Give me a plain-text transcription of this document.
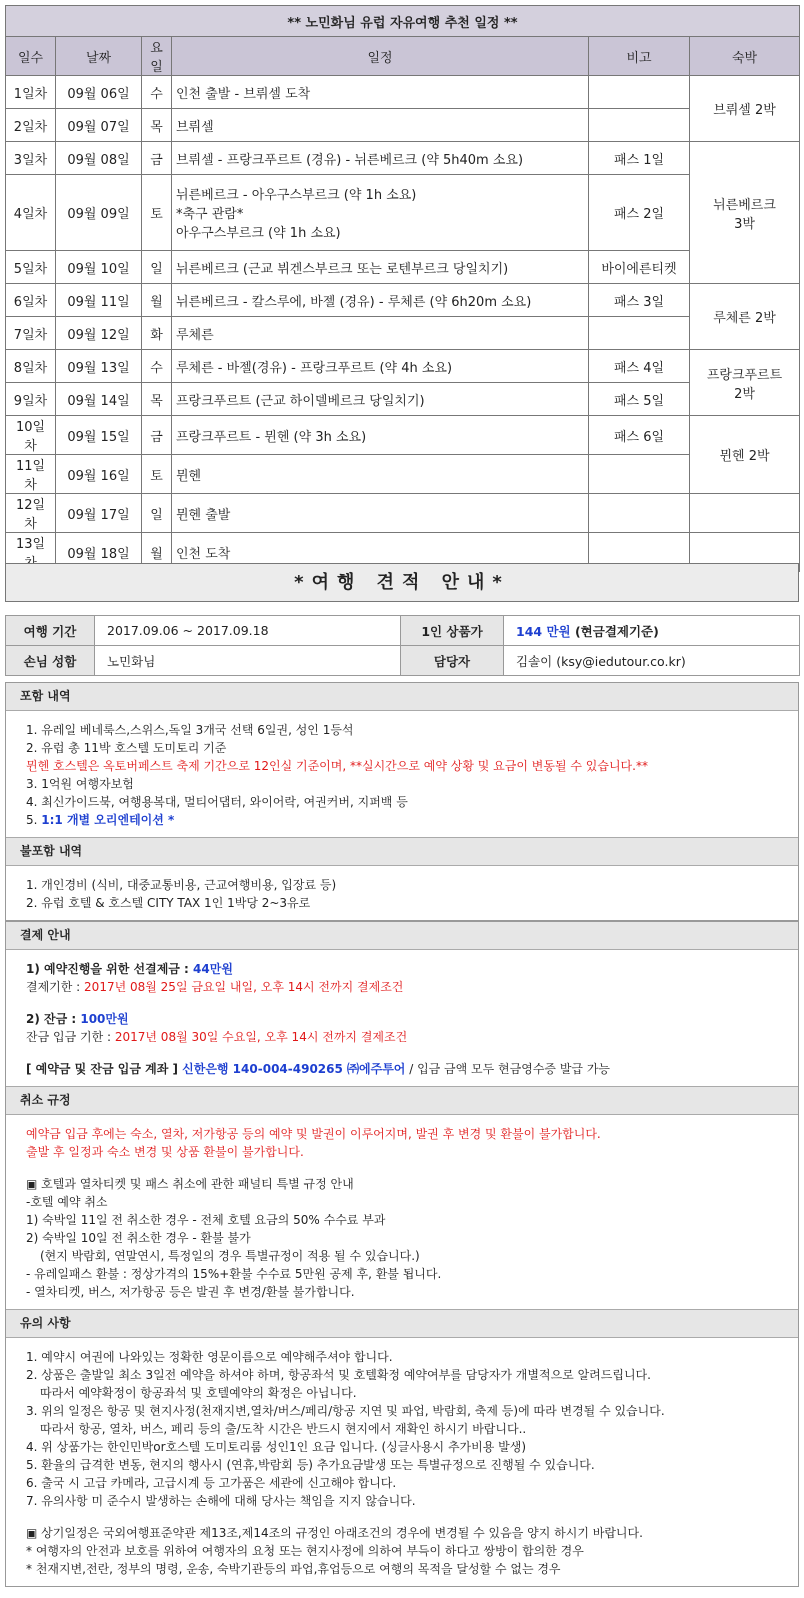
** 노민화님 유럽 자유여행 추천 일정 **					
일수	날짜	요일	일정	비고	숙박
1일차	09월 06일	수	인천 출발 - 브뤼셀 도착		브뤼셀 2박
2일차	09월 07일	목	브뤼셀		
3일차	09월 08일	금	브뤼셀 - 프랑크푸르트 (경유) - 뉘른베르크 (약 5h40m 소요)	패스 1일	뉘른베르크
3박

4일차	09월 09일	토	뉘른베르크 - 아우구스부르크 (약 1h 소요)
*축구 관람*
아우구스부르크 (약 1h 소요)	패스 2일	
5일차	09월 10일	일	뉘른베르크 (근교 뷔겐스부르크 또는 로텐부르크 당일치기)	바이에른티켓	
6일차	09월 11일	월	뉘른베르크 - 칼스루에, 바젤 (경유) - 루체른 (약 6h20m 소요)	패스 3일	루체른 2박
7일차	09월 12일	화	루체른		
8일차	09월 13일	수	루체른 - 바젤(경유) - 프랑크푸르트 (약 4h 소요)	패스 4일	프랑크푸르트
2박

9일차	09월 14일	목	프랑크푸르트 (근교 하이델베르크 당일치기)	패스 5일	
10일차	09월 15일	금	프랑크푸르트 - 뮌헨 (약 3h 소요)	패스 6일	뮌헨 2박
11일차	09월 16일	토	뮌헨		
12일차	09월 17일	일	뮌헨 출발		
13일	09월 18일	월	인천 도착		
*여행 견적 안내*
여행 기간	2017.09.06 ~ 2017.09.18	1인 상품가	144 만원 (현금결제기준)
손님 성함	노민화님	담당자	김솔이 (ksy@iedutour.co.kr)
포함 내역
1. 유레일 베네룩스,스위스,독일 3개국 선택 6일권, 성인 1등석
2. 유럽 총 11박 호스텔 도미토리 기준
뮌헨 호스텔은 옥토버페스트 축제 기간으로 12인실 기준이며, **실시간으로 예약 상황 및 요금이 변동될 수 있습니다.**
3. 1억원 여행자보험
4. 최신가이드북, 여행용복대, 멀티어댑터, 와이어락, 여권커버, 지퍼백 등
5. 1:1 개별 오리엔테이션 *
불포함 내역
1. 개인경비 (식비, 대중교통비용, 근교여행비용, 입장료 등)
2. 유럽 호텔 & 호스텔 CITY TAX 1인 1박당 2~3유로
결제 안내
1) 예약진행을 위한 선결제금 : 44만원
결제기한 : 2017년 08월 25일 금요일 내일, 오후 14시 전까지 결제조건
2) 잔금 : 100만원
잔금 입금 기한 : 2017년 08월 30일 수요일, 오후 14시 전까지 결제조건
[ 예약금 및 잔금 입금 계좌 ] 신한은행 140-004-490265 ㈜에주투어 / 입금 금액 모두 현금영수증 발급 가능
취소 규정
예약금 입금 후에는 숙소, 열차, 저가항공 등의 예약 및 발권이 이루어지며, 발권 후 변경 및 환불이 불가합니다.
출발 후 일정과 숙소 변경 및 상품 환불이 불가합니다.
▣ 호텔과 열차티켓 및 패스 취소에 관한 패널티 특별 규정 안내
-호텔 예약 취소
1) 숙박일 11일 전 취소한 경우 - 전체 호텔 요금의 50% 수수료 부과
2) 숙박일 10일 전 취소한 경우 - 환불 불가
(현지 박람회, 연말연시, 특정일의 경우 특별규정이 적용 될 수 있습니다.)
- 유레일패스 환불 : 정상가격의 15%+환불 수수료 5만원 공제 후, 환불 됩니다.
- 열차티켓, 버스, 저가항공 등은 발권 후 변경/환불 불가합니다.
유의 사항
1. 예약시 여권에 나와있는 정확한 영문이름으로 예약해주셔야 합니다.
2. 상품은 출발일 최소 3일전 예약을 하셔야 하며, 항공좌석 및 호텔확정 예약여부를 담당자가 개별적으로 알려드립니다.
따라서 예약확정이 항공좌석 및 호텔예약의 확정은 아닙니다.
3. 위의 일정은 항공 및 현지사정(천재지변,열차/버스/페리/항공 지연 및 파업, 박람회, 축제 등)에 따라 변경될 수 있습니다.
따라서 항공, 열차, 버스, 페리 등의 출/도착 시간은 반드시 현지에서 재확인 하시기 바랍니다..
4. 위 상품가는 한인민박or호스텔 도미토리룸 성인1인 요금 입니다. (싱글사용시 추가비용 발생)
5. 환율의 급격한 변동, 현지의 행사시 (연휴,박람회 등) 추가요금발생 또는 특별규정으로 진행될 수 있습니다.
6. 출국 시 고급 카메라, 고급시계 등 고가품은 세관에 신고해야 합니다.
7. 유의사항 미 준수시 발생하는 손해에 대해 당사는 책임을 지지 않습니다.
▣ 상기일정은 국외여행표준약관 제13조,제14조의 규정인 아래조건의 경우에 변경될 수 있음을 양지 하시기 바랍니다.
* 여행자의 안전과 보호를 위하여 여행자의 요청 또는 현지사정에 의하여 부득이 하다고 쌍방이 합의한 경우
* 천재지변,전란, 정부의 명령, 운송, 숙박기관등의 파업,휴업등으로 여행의 목적을 달성할 수 없는 경우
